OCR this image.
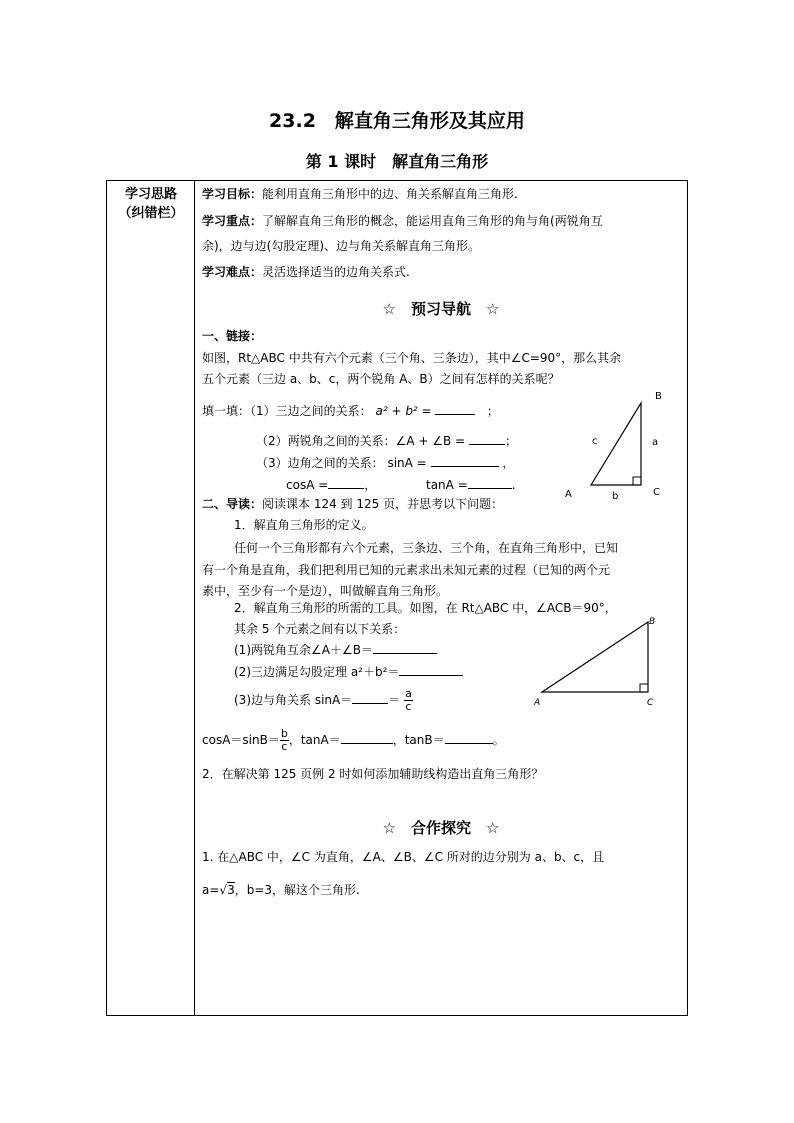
23.2　解直角三角形及其应用
第 1 课时　解直角三角形
学习思路
（纠错栏）
学习目标：能利用直角三角形中的边、角关系解直角三角形.
学习重点：了解解直角三角形的概念，能运用直角三角形的角与角(两锐角互
余)，边与边(勾股定理)、边与角关系解直角三角形。
学习难点：灵活选择适当的边角关系式.
☆　预习导航　☆
一、链接：
如图，Rt△ABC 中共有六个元素（三个角、三条边），其中∠C=90°，那么其余
五个元素（三边 a、b、c，两个锐角 A、B）之间有怎样的关系呢？
填一填：（1）三边之间的关系： a² + b² =	；
（2）两锐角之间的关系：∠A + ∠B =	；
（3）边角之间的关系： sinA =	，
cosA =	，	tanA =	.
B
a
c
A	b	C
二、导读：阅读课本 124 到 125 页，并思考以下问题：
1．解直角三角形的定义。
任何一个三角形都有六个元素，三条边、三个角，在直角三角形中，已知
有一个角是直角，我们把利用已知的元素求出未知元素的过程（已知的两个元
素中，至少有一个是边），叫做解直角三角形。
2．解直角三角形的所需的工具。如图，在 Rt△ABC 中，∠ACB＝90°，
其余 5 个元素之间有以下关系：
(1)两锐角互余∠A＋∠B＝
(2)三边满足勾股定理 a²＋b²＝
(3)边与角关系 sinA＝	＝ $\frac{a}{c}$
B
A	C
$\cos A=\sin B= \frac{b}{c}$ ，tanA＝	，tanB＝	。
2．在解决第 125 页例 2 时如何添加辅助线构造出直角三角形？
☆　合作探究　☆
1. 在△ABC 中，∠C 为直角，∠A、∠B、∠C 所对的边分别为 a、b、c，且
a=√3，b=3，解这个三角形.
